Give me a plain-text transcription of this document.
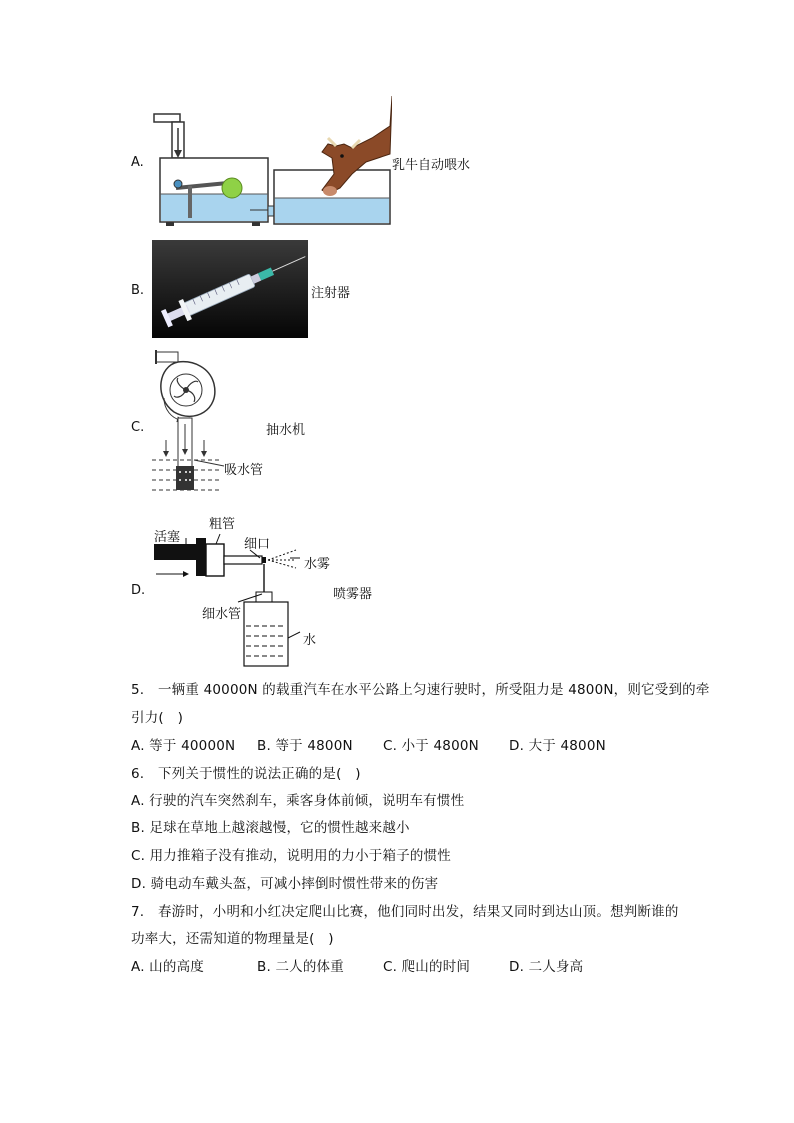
A.	乳牛自动喂水
B.	注射器
C.	抽水机
吸水管
D.
活塞
粗管
细口
水雾
喷雾器
细水管
水
5.　一辆重 40000N 的载重汽车在水平公路上匀速行驶时，所受阻力是 4800N，则它受到的牵
引力(　)
A. 等于 40000N B. 等于 4800N C. 小于 4800N D. 大于 4800N
6.　下列关于惯性的说法正确的是(　)
A. 行驶的汽车突然刹车，乘客身体前倾，说明车有惯性
B. 足球在草地上越滚越慢，它的惯性越来越小
C. 用力推箱子没有推动，说明用的力小于箱子的惯性
D. 骑电动车戴头盔，可减小摔倒时惯性带来的伤害
7.　春游时，小明和小红决定爬山比赛，他们同时出发，结果又同时到达山顶。想判断谁的
功率大，还需知道的物理量是(　)
A. 山的高度	B. 二人的体重	C. 爬山的时间	D. 二人身高
